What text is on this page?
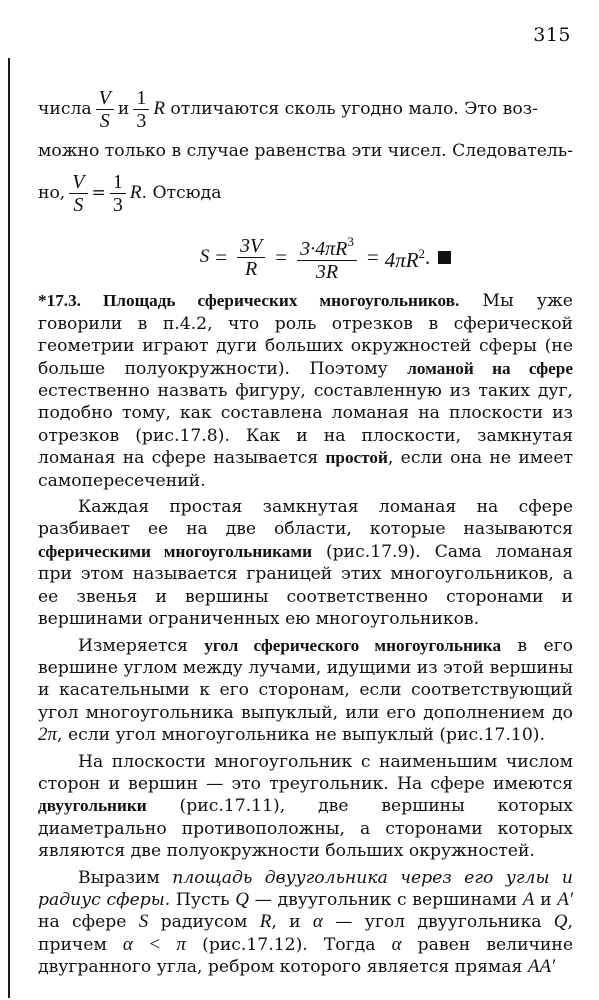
315
числа $\frac{V}{S}$ и $\frac{1}{3}$ R
отличаются сколь угодно мало. Это воз-
можно только в случае равенства эти чисел. Следователь-
но, $\frac{V}{S} = \frac{1}{3}$ R . Отсюда
$S = \frac{3V}{R} = \frac{3\cdot 4\pi R^3}{3R} = 4\pi R^2$ .

*17.3. Площадь сферических многоугольников. Мы уже говорили в п.4.2, что роль отрезков в сферической геометрии играют дуги больших окружностей сферы (не больше полуокружности). Поэтому ломаной на сфере естественно назвать фигуру, составленную из таких дуг, подобно тому, как составлена ломаная на плоскости из отрезков (рис.17.8). Как и на плоскости, замкнутая ломаная на сфере называется простой, если она не имеет самопересечений.

Каждая простая замкнутая ломаная на сфере разбивает ее на две области, которые называются сферическими многоугольниками (рис.17.9). Сама ломаная при этом называется границей этих многоугольников, а ее звенья и вершины соответственно сторонами и вершинами ограниченных ею многоугольников.

Измеряется угол сферического многоугольника в его вершине углом между лучами, идущими из этой вершины и касательными к его сторонам, если соответствующий угол многоугольника выпуклый, или его дополнением до 2π, если угол многоугольника не выпуклый (рис.17.10).

На плоскости многоугольник с наименьшим числом сторон и вершин — это треугольник. На сфере имеются двуугольники (рис.17.11), две вершины которых диаметрально противоположны, а сторонами которых являются две полуокружности больших окружностей.

Выразим площадь двуугольника через его углы и радиус сферы. Пусть Q — двуугольник с вершинами A и A′ на сфере S радиусом R, и α — угол двуугольника Q, причем α < π (рис.17.12). Тогда α равен величине двугранного угла, ребром которого является прямая AA′
